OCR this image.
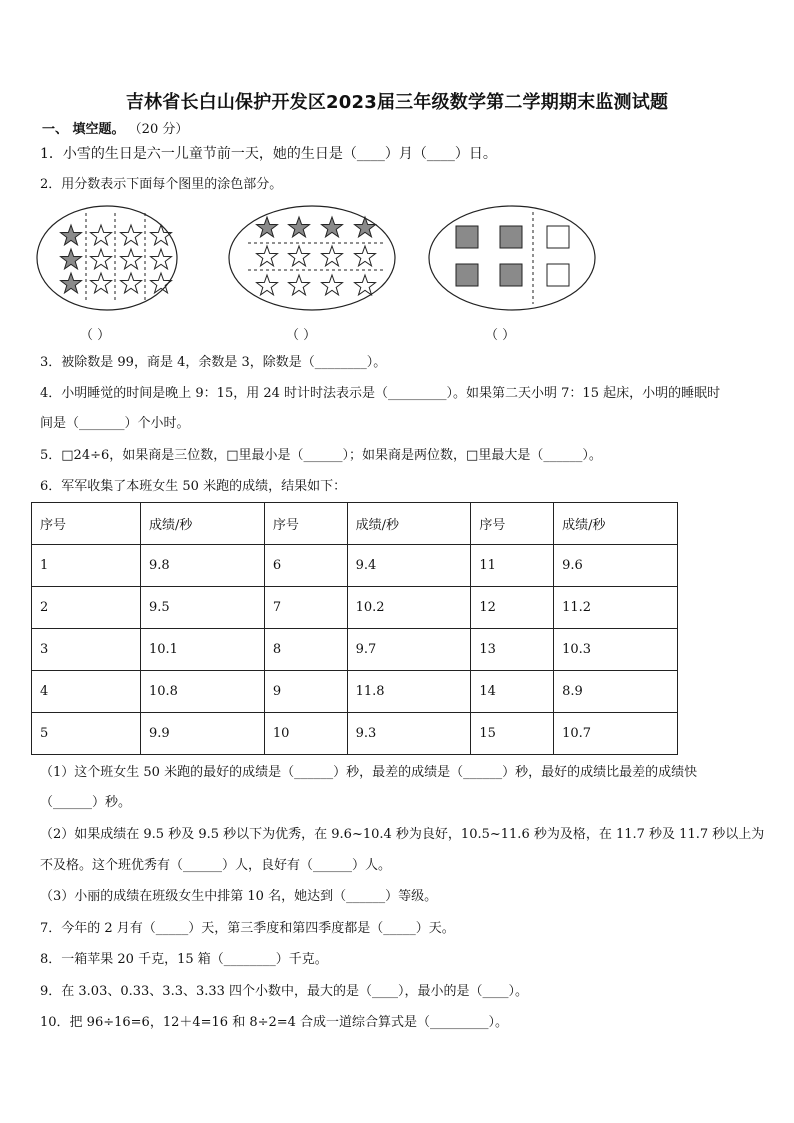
吉林省长白山保护开发区2023届三年级数学第二学期期末监测试题
一、 填空题。 （20 分）
1．小雪的生日是六一儿童节前一天，她的生日是（____）月（____）日。
2．用分数表示下面每个图里的涂色部分。
（ ）	（ ）	（ ）
3．被除数是 99，商是 4，余数是 3，除数是（________）。
4．小明睡觉的时间是晚上 9：15，用 24 时计时法表示是（_________）。如果第二天小明 7：15 起床，小明的睡眠时
间是（_______）个小时。
5．□24÷6，如果商是三位数，□里最小是（______）；如果商是两位数，□里最大是（______）。
6．军军收集了本班女生 50 米跑的成绩，结果如下：
序号	成绩/秒	序号	成绩/秒	序号	成绩/秒
1	9.8	6	9.4	11	9.6
2	9.5	7	10.2	12	11.2
3	10.1	8	9.7	13	10.3
4	10.8	9	11.8	14	8.9
5	9.9	10	9.3	15	10.7
（1）这个班女生 50 米跑的最好的成绩是（______）秒，最差的成绩是（______）秒，最好的成绩比最差的成绩快
（______）秒。
（2）如果成绩在 9.5 秒及 9.5 秒以下为优秀，在 9.6~10.4 秒为良好，10.5~11.6 秒为及格，在 11.7 秒及 11.7 秒以上为
不及格。这个班优秀有（______）人，良好有（______）人。
（3）小丽的成绩在班级女生中排第 10 名，她达到（______）等级。
7．今年的 2 月有（_____）天，第三季度和第四季度都是（_____）天。
8．一箱苹果 20 千克，15 箱（________）千克。
9．在 3.03、0.33、3.3、3.33 四个小数中，最大的是（____），最小的是（____）。
10．把 96÷16=6，12＋4=16 和 8÷2=4 合成一道综合算式是（_________）。
